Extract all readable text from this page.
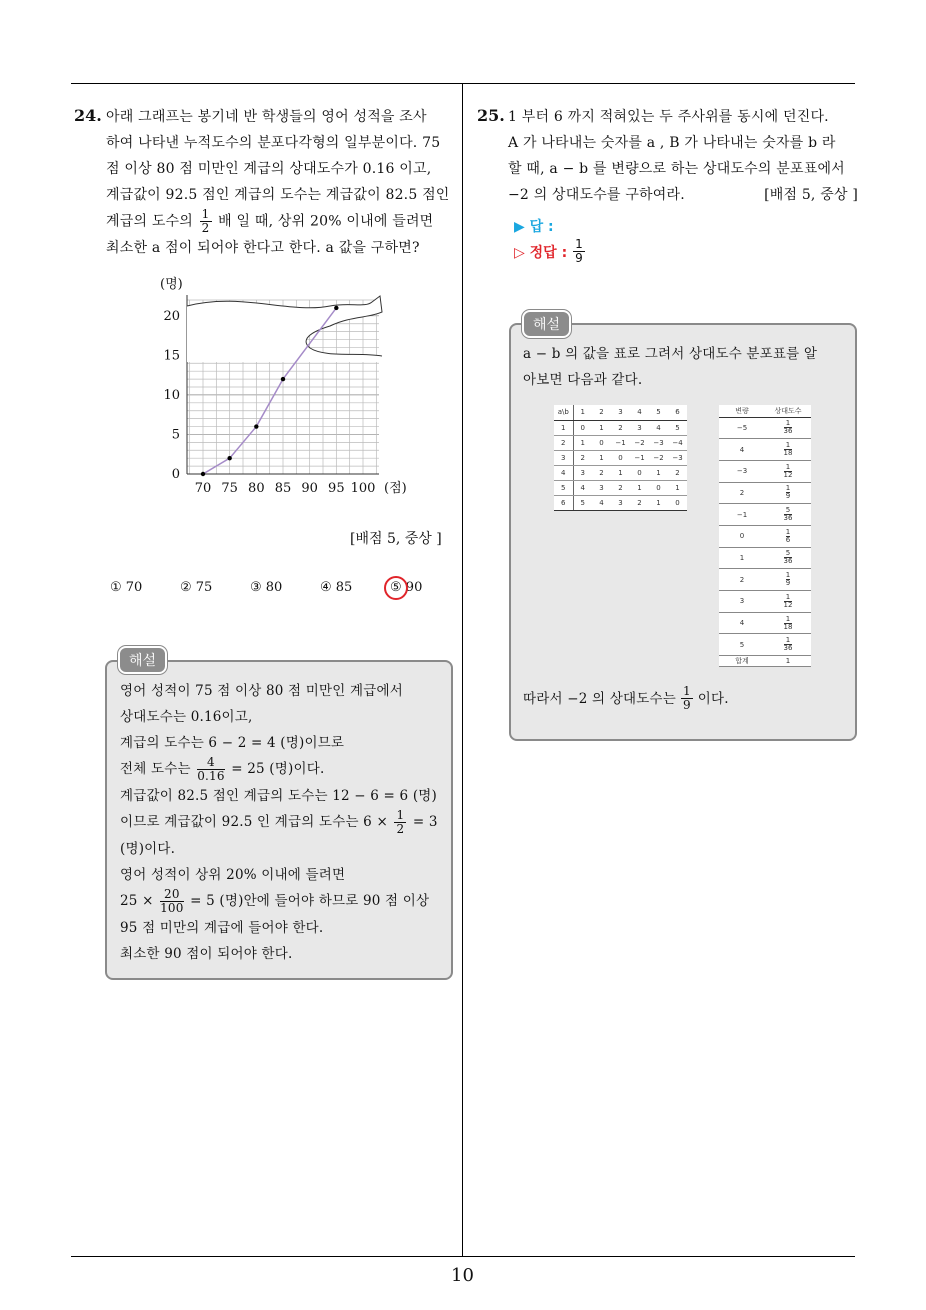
10
24. 아래 그래프는 봉기네 반 학생들의 영어 성적을 조사
하여 나타낸 누적도수의 분포다각형의 일부분이다. 75
점 이상 80 점 미만인 계급의 상대도수가 0.16 이고,
계급값이 92.5 점인 계급의 도수는 계급값이 82.5 점인
계급의 도수의 $\frac{1}{2}$ 배 일 때, 상위 20% 이내에 들려면
최소한 a 점이 되어야 한다고 한다. a 값을 구하면?
70 75 80 85 90 95 100
0
5
10
15
20
(명)
(점)
[배점 5, 중상 ]
① 70	② 75	③ 80	④ 85	⑤ 90
해설
영어 성적이 75 점 이상 80 점 미만인 계급에서
상대도수는 0.16이고,
계급의 도수는 6 − 2 = 4 (명)이므로
전체 도수는 $\frac{4}{0.16} = 25$ (명)이다.
계급값이 82.5 점인 계급의 도수는 12 − 6 = 6 (명)
이므로 계급값이 92.5 인 계급의 도수는 $6 \times \frac{1}{2} = 3$
(명)이다.
영어 성적이 상위 20% 이내에 들려면
$25 \times \frac{20}{100} = 5$ (명)안에 들어야 하므로 90 점 이상
95 점 미만의 계급에 들어야 한다.
최소한 90 점이 되어야 한다.
25. 1 부터 6 까지 적혀있는 두 주사위를 동시에 던진다.
A 가 나타내는 숫자를 a , B 가 나타내는 숫자를 b 라
할 때, a − b 를 변량으로 하는 상대도수의 분포표에서
−2 의 상대도수를 구하여라.	[배점 5, 중상 ]
▶ 답 :
▷ 정답 : $\frac{1}{9}$
해설
a − b 의 값을 표로 그려서 상대도수 분포표를 알
아보면 다음과 같다.
a\b	1	2	3	4	5	6
1	0	1	2	3	4	5
2	1	0	−1	−2	−3	−4
3	2	1	0	−1	−2	−3
4	3	2	1	0	1	2
5	4	3	2	1	0	1
6	5	4	3	2	1	0
변량	상대도수
−5	$\frac{1}{36}$

4	$\frac{1}{18}$

−3	$\frac{1}{12}$

2	$\frac{1}{9}$

−1	$\frac{5}{36}$

0	$\frac{1}{6}$

1	$\frac{5}{36}$

2	$\frac{1}{9}$

3	$\frac{1}{12}$

4	$\frac{1}{18}$

5	$\frac{1}{36}$

합계	1
따라서 −2 의 상대도수는 $\frac{1}{9}$ 이다.
